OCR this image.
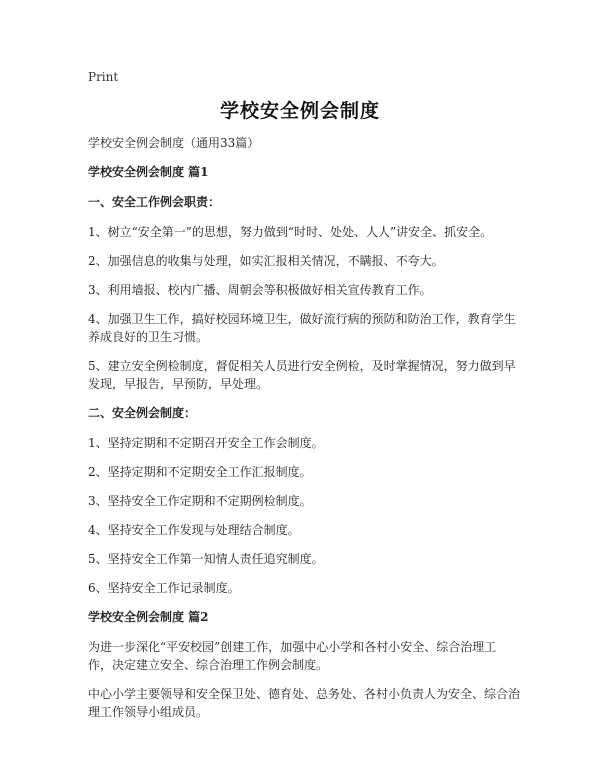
Print
学校安全例会制度

学校安全例会制度（通用33篇）

学校安全例会制度 篇1

一、安全工作例会职责：

1、树立“安全第一”的思想，努力做到“时时、处处、人人”讲安全、抓安全。

2、加强信息的收集与处理，如实汇报相关情况，不瞒报、不夸大。

3、利用墙报、校内广播、周朝会等积极做好相关宣传教育工作。

4、加强卫生工作，搞好校园环境卫生，做好流行病的预防和防治工作，教育学生养成良好的卫生习惯。

5、建立安全例检制度，督促相关人员进行安全例检，及时掌握情况，努力做到早发现，早报告，早预防，早处理。

二、安全例会制度：

1、坚持定期和不定期召开安全工作会制度。

2、坚持定期和不定期安全工作汇报制度。

3、坚持安全工作定期和不定期例检制度。

4、坚持安全工作发现与处理结合制度。

5、坚持安全工作第一知情人责任追究制度。

6、坚持安全工作记录制度。

学校安全例会制度 篇2

为进一步深化“平安校园”创建工作，加强中心小学和各村小安全、综合治理工作，决定建立安全、综合治理工作例会制度。

中心小学主要领导和安全保卫处、德育处、总务处、各村小负责人为安全、综合治理工作领导小组成员。
